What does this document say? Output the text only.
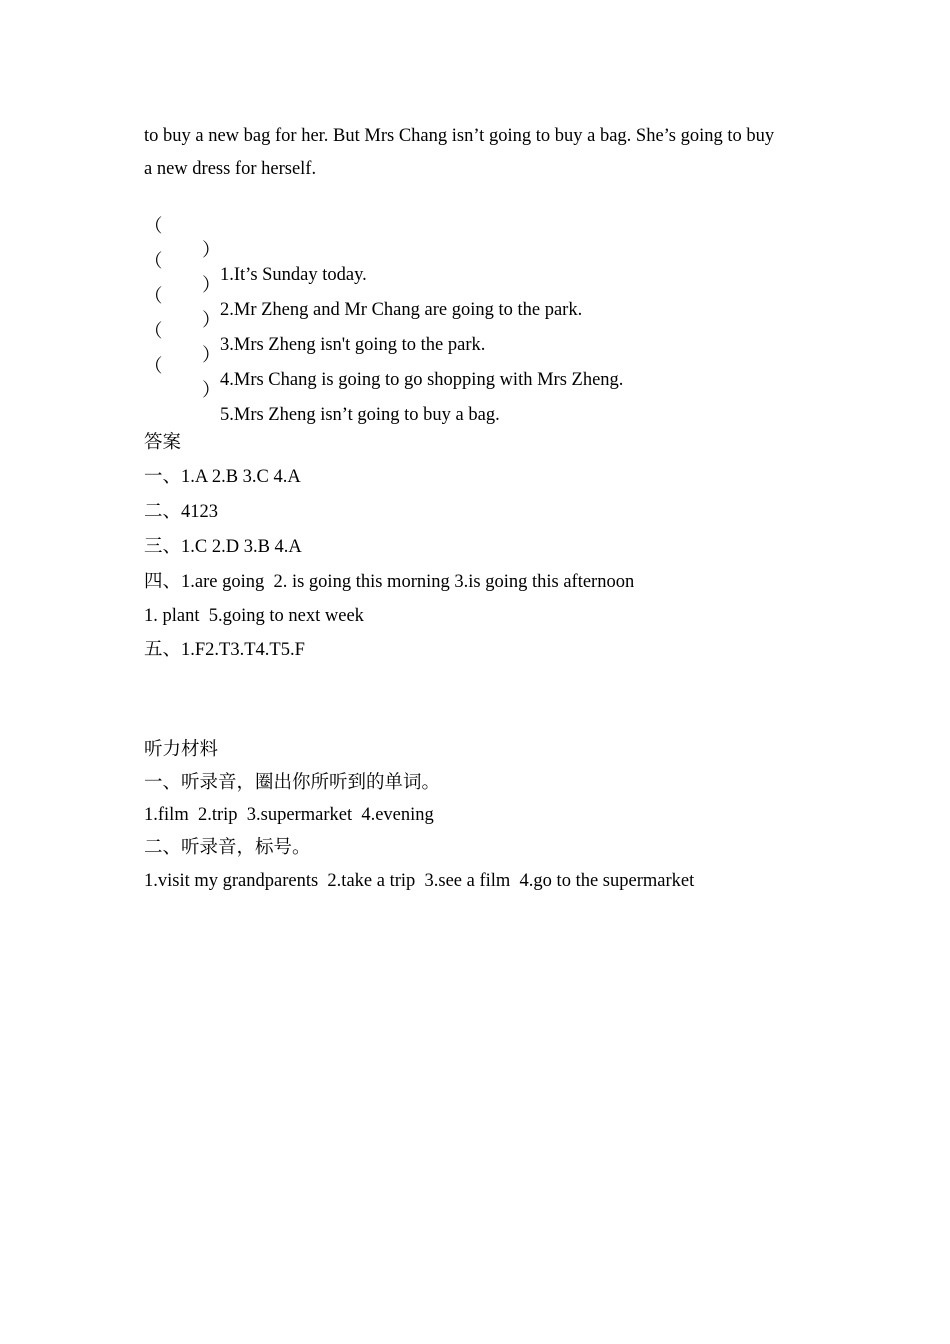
to buy a new bag for her. But Mrs Chang isn’t going to buy a bag. She’s going to buy
a new dress for herself.

（

）

1.It’s Sunday today.

（

）

2.Mr Zheng and Mr Chang are going to the park.

（

）

3.Mrs Zheng isn't going to the park.

（

）

4.Mrs Chang is going to go shopping with Mrs Zheng.

（

）

5.Mrs Zheng isn’t going to buy a bag.

答案
一、1.A 2.B 3.C 4.A
二、4123
三、1.C 2.D 3.B 4.A
四、1.are going  2. is going this morning 3.is going this afternoon
1. plant  5.going to next week
五、1.F2.T3.T4.T5.F
听力材料
一、听录音，圈出你所听到的单词。
1.film  2.trip  3.supermarket  4.evening
二、听录音，标号。
1.visit my grandparents  2.take a trip  3.see a film  4.go to the supermarket
